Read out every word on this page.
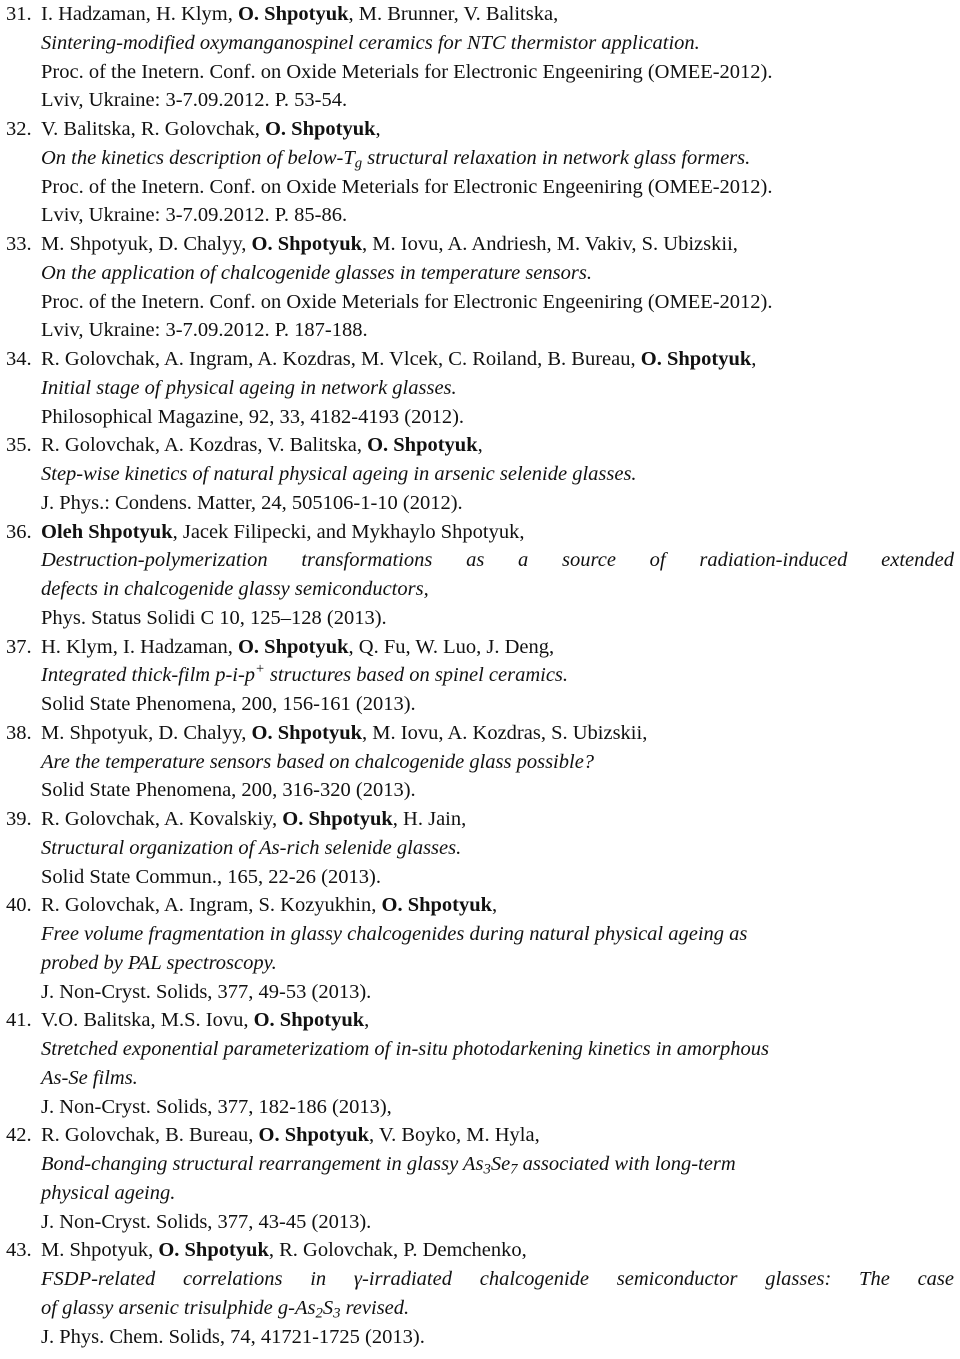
31. I. Hadzaman, H. Klym, O. Shpotyuk, M. Brunner, V. Balitska,
Sintering-modified oxymanganospinel ceramics for NTC thermistor application.
Proc. of the Inetern. Conf. on Oxide Meterials for Electronic Engeeniring (OMEE-2012).
Lviv, Ukraine: 3-7.09.2012. P. 53-54.
32. V. Balitska, R. Golovchak, O. Shpotyuk,
On the kinetics description of below-$T_g$ structural relaxation in network glass formers.
Proc. of the Inetern. Conf. on Oxide Meterials for Electronic Engeeniring (OMEE-2012).
Lviv, Ukraine: 3-7.09.2012. P. 85-86.
33. M. Shpotyuk, D. Chalyy, O. Shpotyuk, M. Iovu, A. Andriesh, M. Vakiv, S. Ubizskii,
On the application of chalcogenide glasses in temperature sensors.
Proc. of the Inetern. Conf. on Oxide Meterials for Electronic Engeeniring (OMEE-2012).
Lviv, Ukraine: 3-7.09.2012. P. 187-188.
34. R. Golovchak, A. Ingram, A. Kozdras, M. Vlcek, C. Roiland, B. Bureau, O. Shpotyuk,
Initial stage of physical ageing in network glasses.
Philosophical Magazine, 92, 33, 4182-4193 (2012).
35. R. Golovchak, A. Kozdras, V. Balitska, O. Shpotyuk,
Step-wise kinetics of natural physical ageing in arsenic selenide glasses.
J. Phys.: Condens. Matter, 24, 505106-1-10 (2012).
36. Oleh Shpotyuk, Jacek Filipecki, and Mykhaylo Shpotyuk,
Destruction-polymerization transformations as a source of radiation-induced extended
defects in chalcogenide glassy semiconductors,
Phys. Status Solidi C 10, 125–128 (2013).
37. H. Klym, I. Hadzaman, O. Shpotyuk, Q. Fu, W. Luo, J. Deng,
Integrated thick-film p-i-p+ structures based on spinel ceramics.
Solid State Phenomena, 200, 156-161 (2013).
38. M. Shpotyuk, D. Chalyy, O. Shpotyuk, M. Iovu, A. Kozdras, S. Ubizskii,
Are the temperature sensors based on chalcogenide glass possible?
Solid State Phenomena, 200, 316-320 (2013).
39. R. Golovchak, A. Kovalskiy, O. Shpotyuk, H. Jain,
Structural organization of As-rich selenide glasses.
Solid State Commun., 165, 22-26 (2013).
40. R. Golovchak, A. Ingram, S. Kozyukhin, O. Shpotyuk,
Free volume fragmentation in glassy chalcogenides during natural physical ageing as
probed by PAL spectroscopy.
J. Non-Cryst. Solids, 377, 49-53 (2013).
41. V.O. Balitska, M.S. Iovu, O. Shpotyuk,
Stretched exponential parameterizatiom of in-situ photodarkening kinetics in amorphous
As-Se films.
J. Non-Cryst. Solids, 377, 182-186 (2013),
42. R. Golovchak, B. Bureau, O. Shpotyuk, V. Boyko, M. Hyla,
Bond-changing structural rearrangement in glassy $As_3Se_7$ associated with long-term
physical ageing.
J. Non-Cryst. Solids, 377, 43-45 (2013).
43. M. Shpotyuk, O. Shpotyuk, R. Golovchak, P. Demchenko,
FSDP-related correlations in γ-irradiated chalcogenide semiconductor glasses: The case
of glassy arsenic trisulphide $g-As_2S_3$ revised.
J. Phys. Chem. Solids, 74, 41721-1725 (2013).
